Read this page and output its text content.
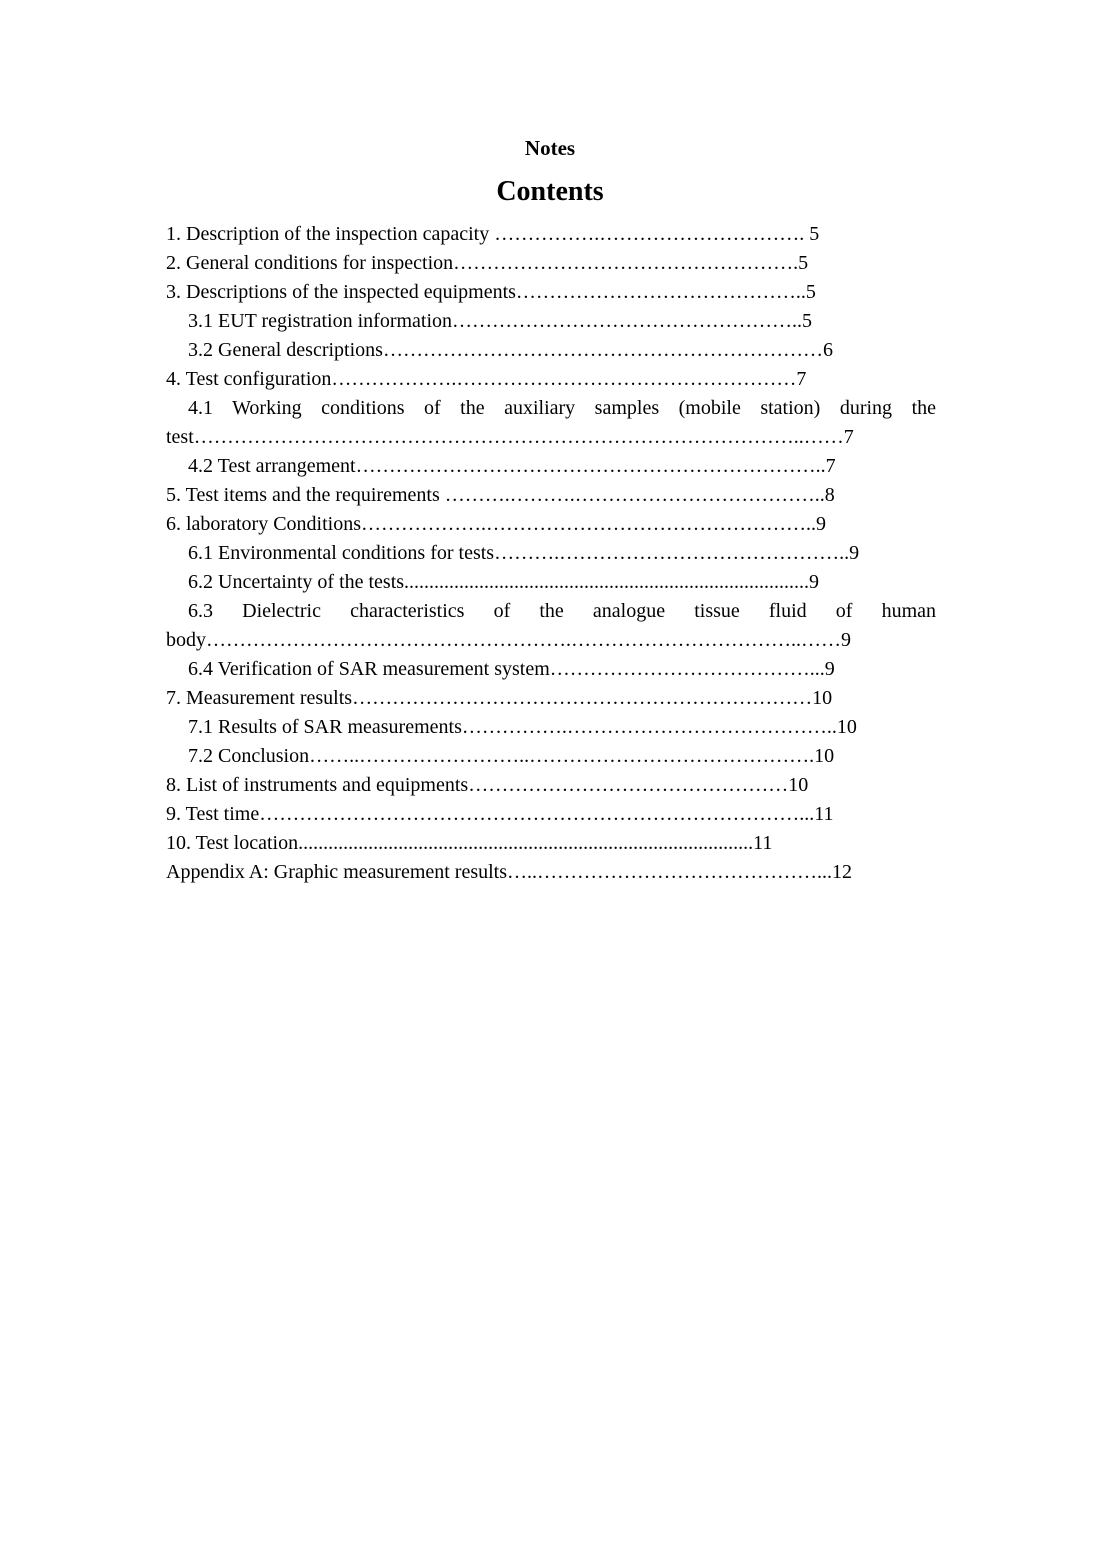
Notes
Contents
1. Description of the inspection capacity …………….…………………………. 5
2. General conditions for inspection…………………………………………….5
3. Descriptions of the inspected equipments……………………………………..5
3.1 EUT registration information……………………………………………..5
3.2 General descriptions…………………………………………………………6
4. Test configuration……………….……………………………………………7
4.1 Working conditions of the auxiliary samples (mobile station) during the
test………………………………………………………………………………..……7
4.2 Test arrangement……………………………………………………………..7
5. Test items and the requirements ……….……….………………………………..8
6. laboratory Conditions……………….…………………………………………..9
6.1 Environmental conditions for tests……….……………………………………..9
6.2 Uncertainty of the tests.................................................................................9
6.3 Dielectric characteristics of the analogue tissue fluid of human
body……………………………………………….……………………………..……9
6.4 Verification of SAR measurement system…………………………………...9
7. Measurement results……………………………………………………………10
7.1 Results of SAR measurements…………….…………………………………..10
7.2 Conclusion……..……………………..…………………………………….10
8. List of instruments and equipments…………………………………………10
9. Test time………………………………………………………………………...11
10. Test location...........................................................................................11
Appendix A: Graphic measurement results…..……………………………………...12
